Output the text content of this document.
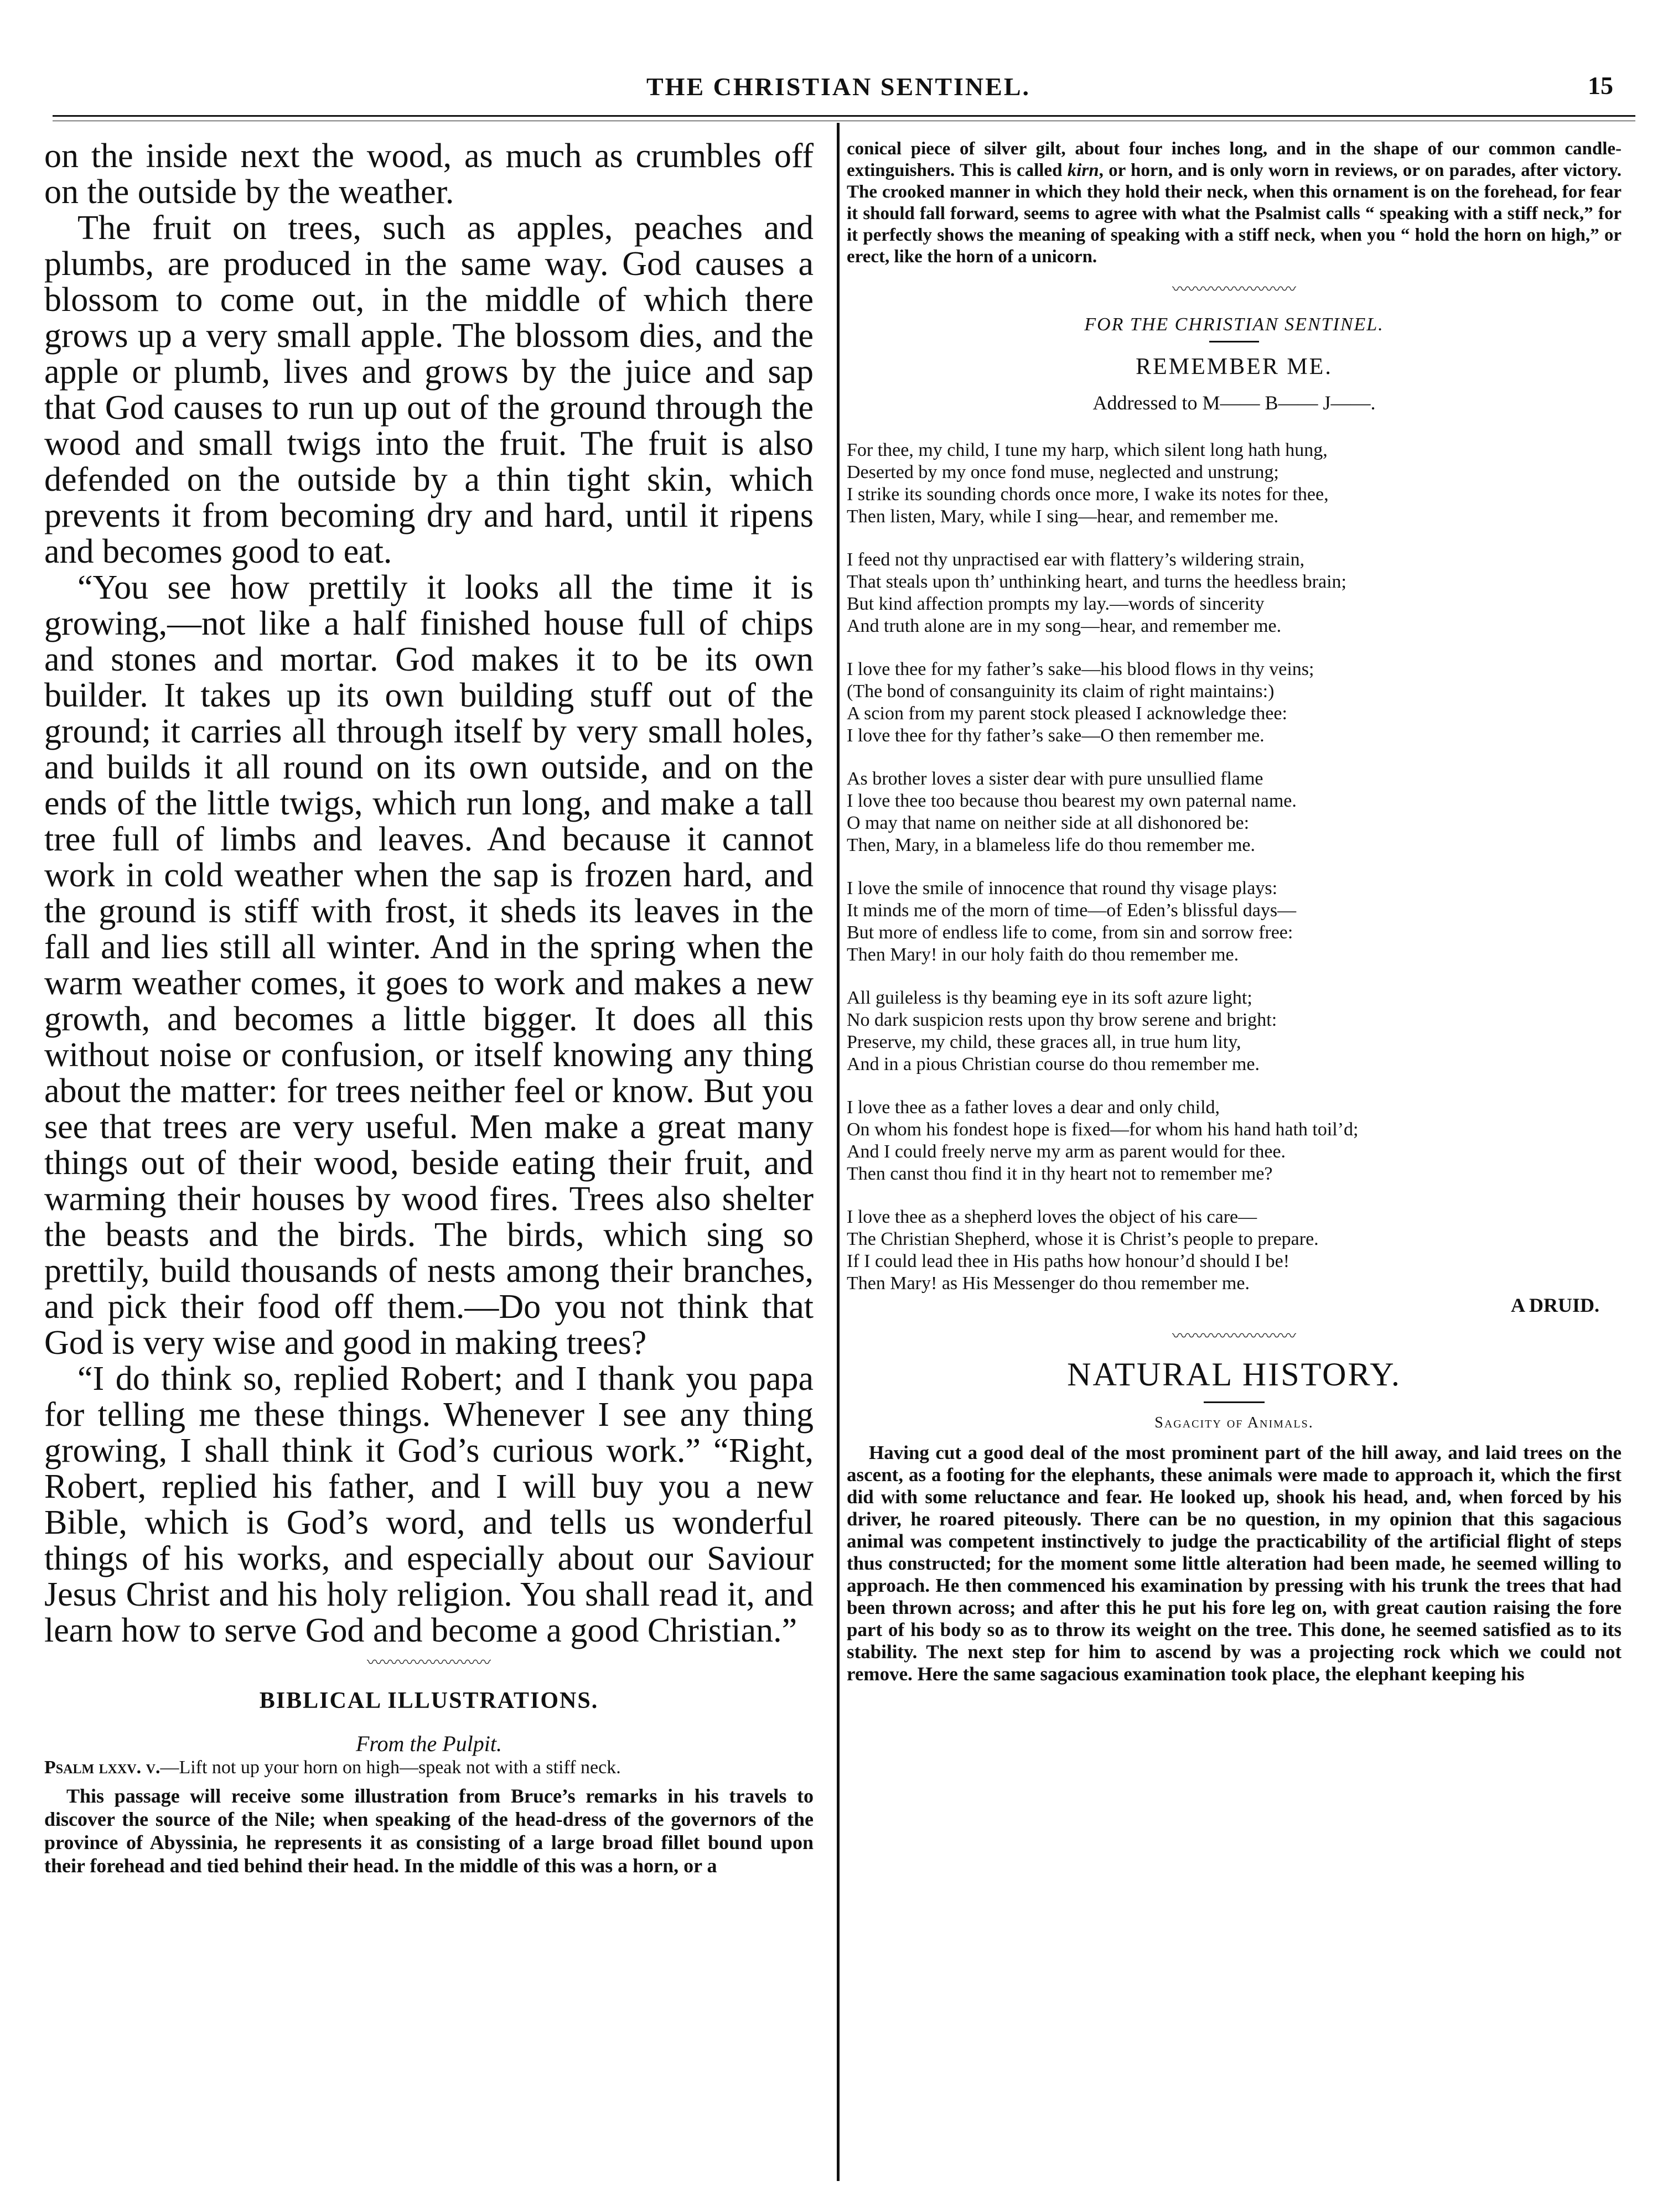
THE CHRISTIAN SENTINEL.	15

on the inside next the wood, as much as crumbles off on the outside by the weather.

The fruit on trees, such as apples, peaches and plumbs, are produced in the same way. God causes a blossom to come out, in the middle of which there grows up a very small apple. The blossom dies, and the apple or plumb, lives and grows by the juice and sap that God causes to run up out of the ground through the wood and small twigs into the fruit. The fruit is also defended on the outside by a thin tight skin, which prevents it from becoming dry and hard, until it ripens and becomes good to eat.

“You see how prettily it looks all the time it is growing,—not like a half finished house full of chips and stones and mortar. God makes it to be its own builder. It takes up its own building stuff out of the ground; it carries all through itself by very small holes, and builds it all round on its own outside, and on the ends of the little twigs, which run long, and make a tall tree full of limbs and leaves. And because it cannot work in cold weather when the sap is frozen hard, and the ground is stiff with frost, it sheds its leaves in the fall and lies still all winter. And in the spring when the warm weather comes, it goes to work and makes a new growth, and becomes a little bigger. It does all this without noise or confusion, or itself knowing any thing about the matter: for trees neither feel or know. But you see that trees are very useful. Men make a great many things out of their wood, beside eating their fruit, and warming their houses by wood fires. Trees also shelter the beasts and the birds. The birds, which sing so prettily, build thousands of nests among their branches, and pick their food off them.—Do you not think that God is very wise and good in making trees?

“I do think so, replied Robert; and I thank you papa for telling me these things. Whenever I see any thing growing, I shall think it God’s curious work.” “Right, Robert, replied his father, and I will buy you a new Bible, which is God’s word, and tells us wonderful things of his works, and especially about our Saviour Jesus Christ and his holy religion. You shall read it, and learn how to serve God and become a good Christian.”

〰〰〰〰〰〰〰〰
BIBLICAL ILLUSTRATIONS.

From the Pulpit.

Psalm lxxv. v.—Lift not up your horn on high—speak not with a stiff neck.

This passage will receive some illustration from Bruce’s remarks in his travels to discover the source of the Nile; when speaking of the head-dress of the governors of the province of Abyssinia, he represents it as consisting of a large broad fillet bound upon their forehead and tied behind their head. In the middle of this was a horn, or a

conical piece of silver gilt, about four inches long, and in the shape of our common candle-extinguishers. This is called kirn, or horn, and is only worn in reviews, or on parades, after victory. The crooked manner in which they hold their neck, when this ornament is on the forehead, for fear it should fall forward, seems to agree with what the Psalmist calls “ speaking with a stiff neck,” for it perfectly shows the meaning of speaking with a stiff neck, when you “ hold the horn on high,” or erect, like the horn of a unicorn.

〰〰〰〰〰〰〰〰
FOR THE CHRISTIAN SENTINEL.
REMEMBER ME.
Addressed to M—— B—— J——.
For thee, my child, I tune my harp, which silent long hath hung,
Deserted by my once fond muse, neglected and unstrung;
I strike its sounding chords once more, I wake its notes for thee,
Then listen, Mary, while I sing—hear, and remember me.
I feed not thy unpractised ear with flattery’s wildering strain,
That steals upon th’ unthinking heart, and turns the heedless brain;
But kind affection prompts my lay.—words of sincerity
And truth alone are in my song—hear, and remember me.
I love thee for my father’s sake—his blood flows in thy veins;
(The bond of consanguinity its claim of right maintains:)
A scion from my parent stock pleased I acknowledge thee:
I love thee for thy father’s sake—O then remember me.
As brother loves a sister dear with pure unsullied flame
I love thee too because thou bearest my own paternal name.
O may that name on neither side at all dishonored be:
Then, Mary, in a blameless life do thou remember me.
I love the smile of innocence that round thy visage plays:
It minds me of the morn of time—of Eden’s blissful days—
But more of endless life to come, from sin and sorrow free:
Then Mary! in our holy faith do thou remember me.
All guileless is thy beaming eye in its soft azure light;
No dark suspicion rests upon thy brow serene and bright:
Preserve, my child, these graces all, in true hum lity,
And in a pious Christian course do thou remember me.
I love thee as a father loves a dear and only child,
On whom his fondest hope is fixed—for whom his hand hath toil’d;
And I could freely nerve my arm as parent would for thee.
Then canst thou find it in thy heart not to remember me?
I love thee as a shepherd loves the object of his care—
The Christian Shepherd, whose it is Christ’s people to prepare.
If I could lead thee in His paths how honour’d should I be!
Then Mary! as His Messenger do thou remember me.
A DRUID.
〰〰〰〰〰〰〰〰
NATURAL HISTORY.
Sagacity of Animals.

Having cut a good deal of the most prominent part of the hill away, and laid trees on the ascent, as a footing for the elephants, these animals were made to approach it, which the first did with some reluctance and fear. He looked up, shook his head, and, when forced by his driver, he roared piteously. There can be no question, in my opinion that this sagacious animal was competent instinctively to judge the practicability of the artificial flight of steps thus constructed; for the moment some little alteration had been made, he seemed willing to approach. He then commenced his examination by pressing with his trunk the trees that had been thrown across; and after this he put his fore leg on, with great caution raising the fore part of his body so as to throw its weight on the tree. This done, he seemed satisfied as to its stability. The next step for him to ascend by was a projecting rock which we could not remove. Here the same sagacious examination took place, the elephant keeping his
